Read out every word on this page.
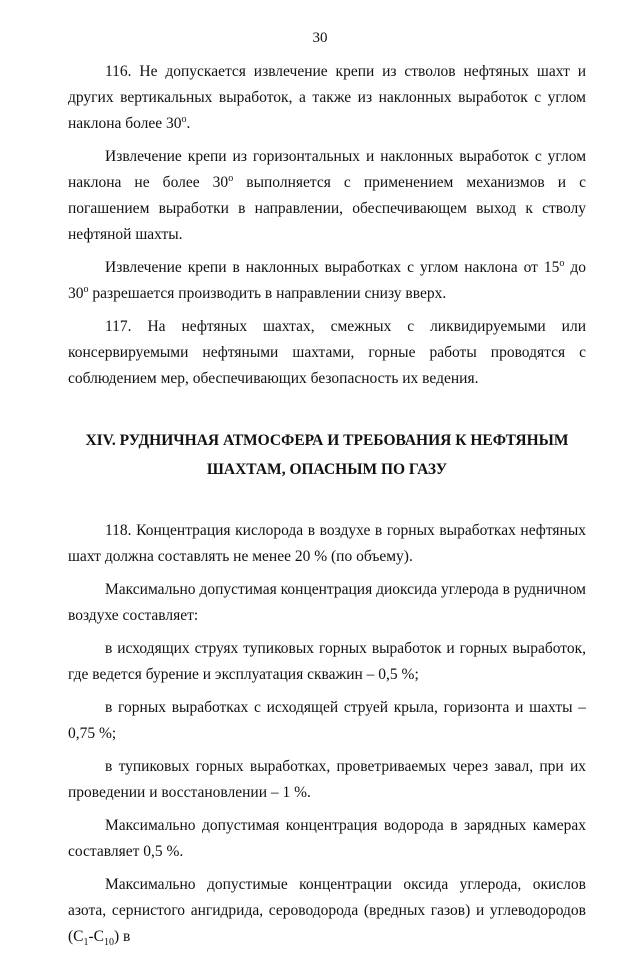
30

116. Не допускается извлечение крепи из стволов нефтяных шахт и других вертикальных выработок, а также из наклонных выработок с углом наклона более $30^о$.

Извлечение крепи из горизонтальных и наклонных выработок с углом наклона не более $30^о$ выполняется с применением механизмов и с погашением выработки в направлении, обеспечивающем выход к стволу нефтяной шахты.

Извлечение крепи в наклонных выработках с углом наклона от $15^о$ до $30^о$ разрешается производить в направлении снизу вверх.

117. На нефтяных шахтах, смежных с ликвидируемыми или консервируемыми нефтяными шахтами, горные работы проводятся с соблюдением мер, обеспечивающих безопасность их ведения.

XIV. РУДНИЧНАЯ АТМОСФЕРА И ТРЕБОВАНИЯ К НЕФТЯНЫМ
ШАХТАМ, ОПАСНЫМ ПО ГАЗУ

118. Концентрация кислорода в воздухе в горных выработках нефтяных шахт должна составлять не менее 20 % (по объему).

Максимально допустимая концентрация диоксида углерода в рудничном воздухе составляет:

в исходящих струях тупиковых горных выработок и горных выработок, где ведется бурение и эксплуатация скважин – 0,5 %;

в горных выработках с исходящей струей крыла, горизонта и шахты – 0,75 %;

в тупиковых горных выработках, проветриваемых через завал, при их проведении и восстановлении – 1 %.

Максимально допустимая концентрация водорода в зарядных камерах составляет 0,5 %.

Максимально допустимые концентрации оксида углерода, окислов азота, сернистого ангидрида, сероводорода (вредных газов) и углеводородов $(С_1-С_{10})$ в
